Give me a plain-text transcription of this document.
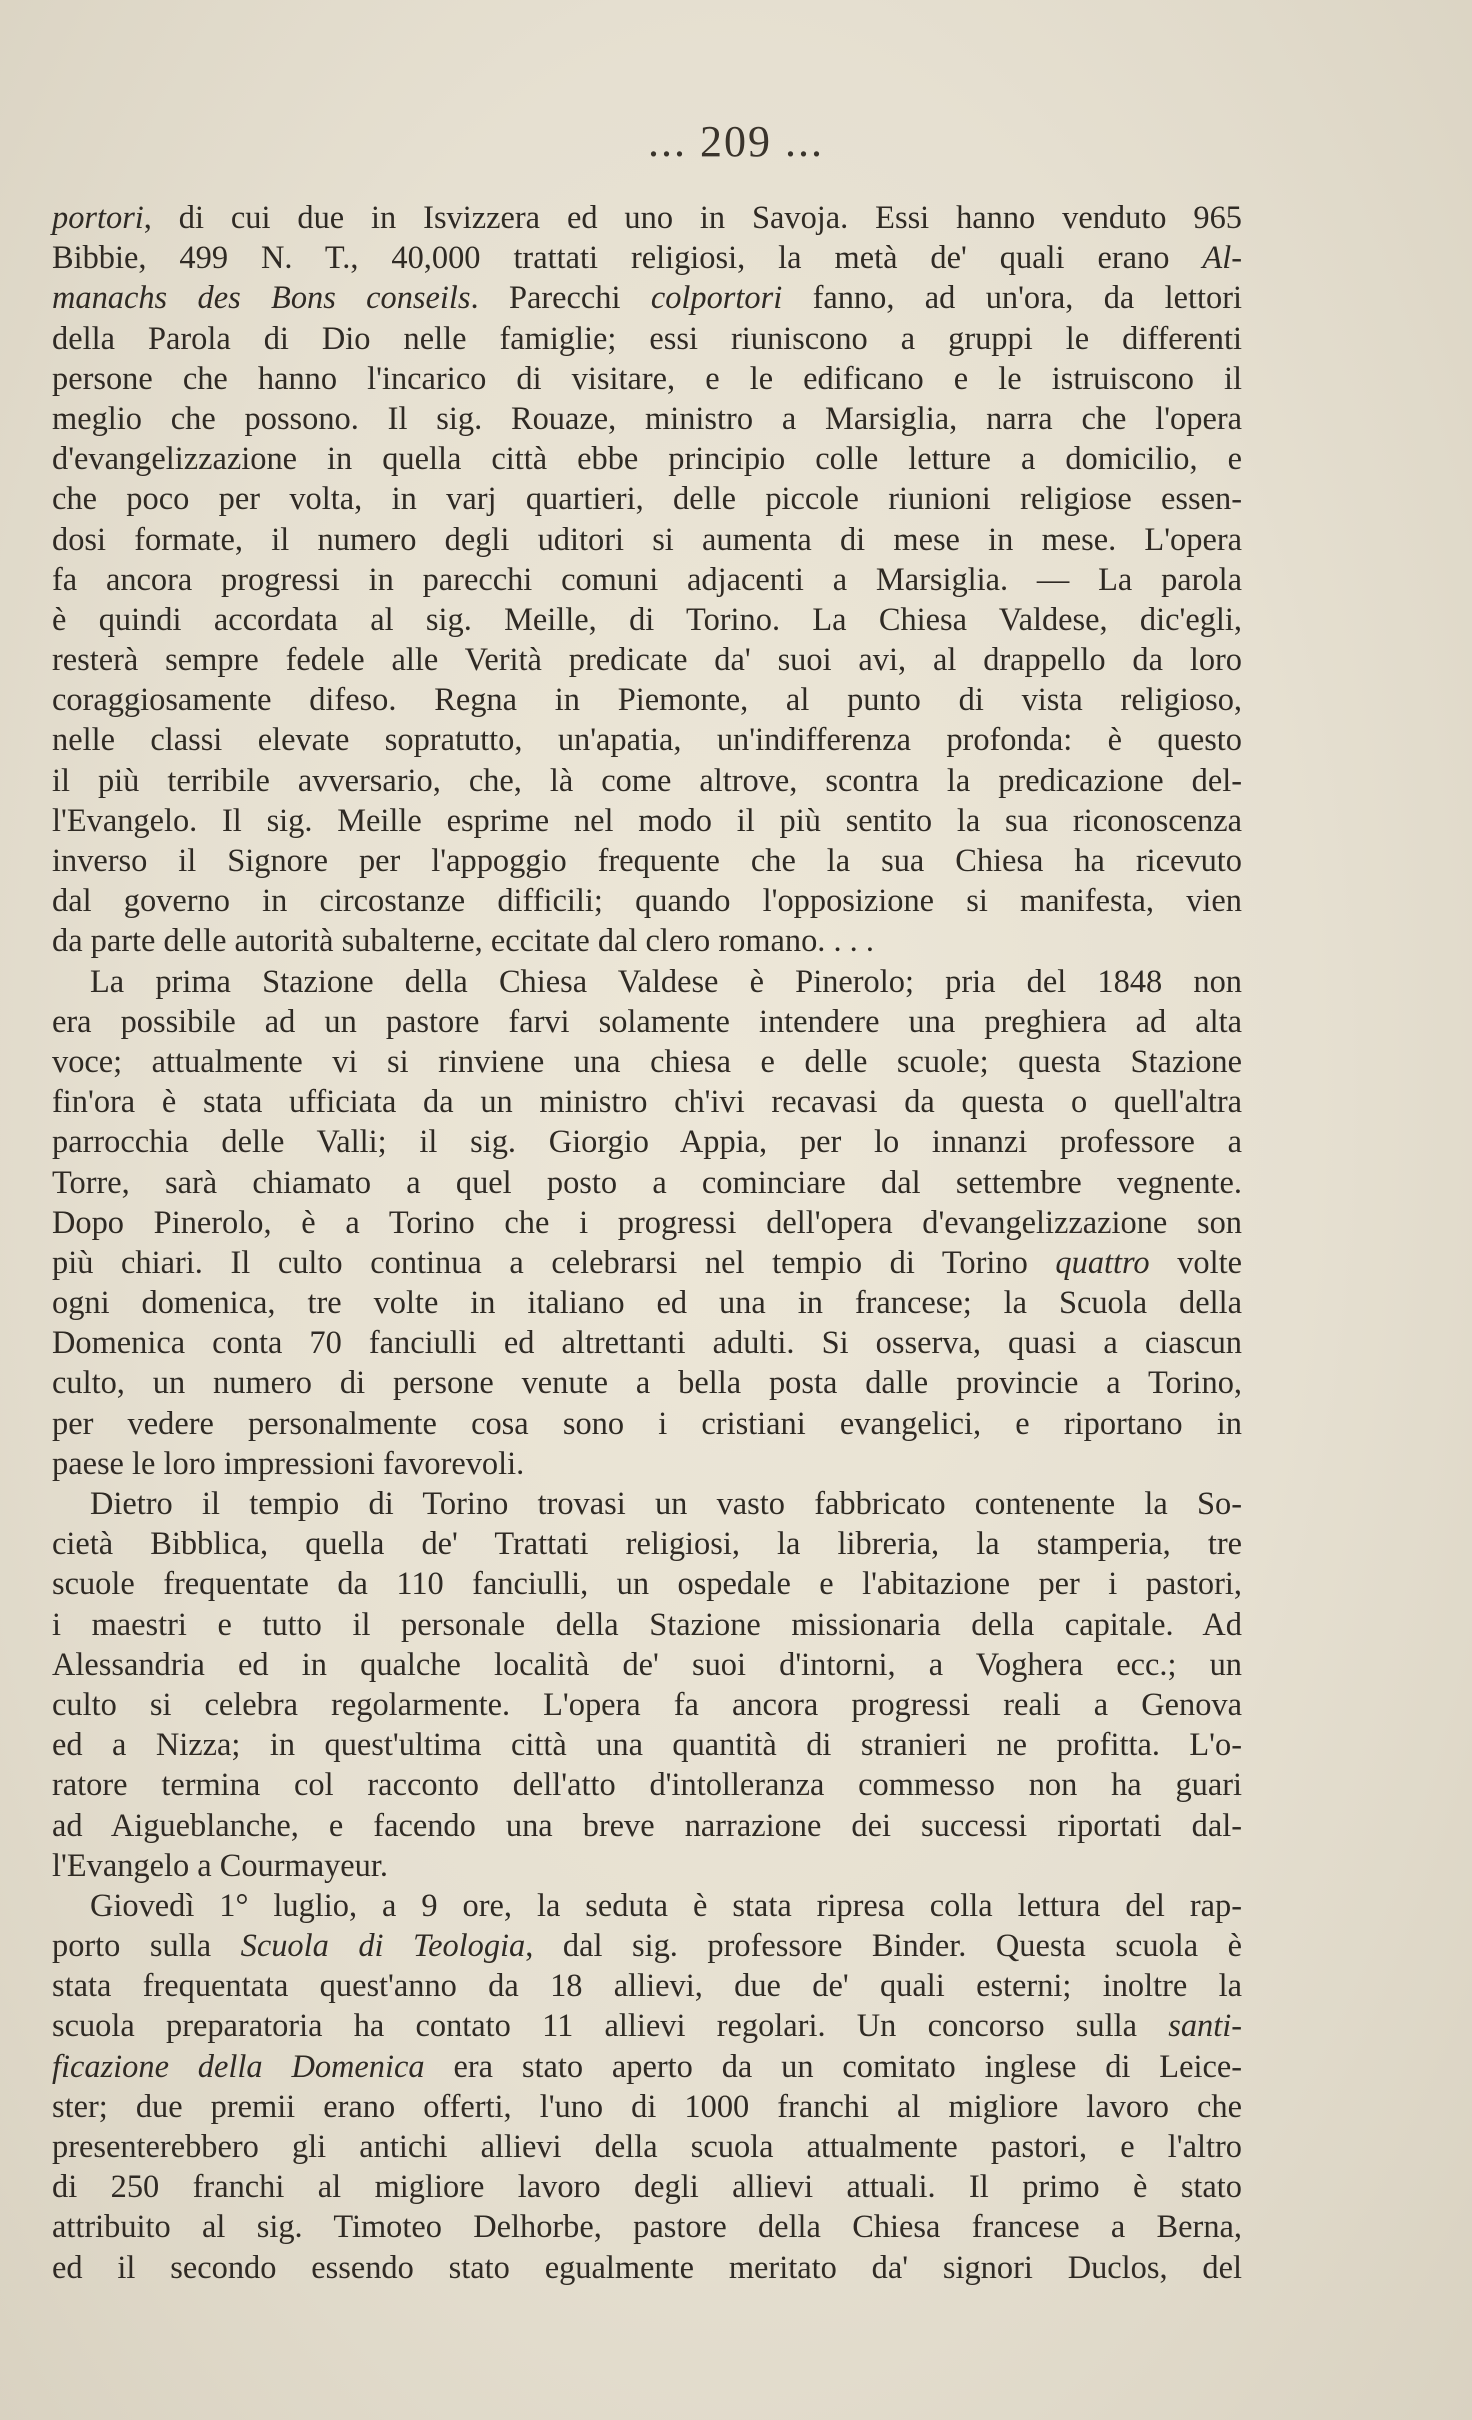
... 209 ...
portori, di cui due in Isvizzera ed uno in Savoja. Essi hanno venduto 965
Bibbie, 499 N. T., 40,000 trattati religiosi, la metà de' quali erano Al-
manachs des Bons conseils. Parecchi colportori fanno, ad un'ora, da lettori
della Parola di Dio nelle famiglie; essi riuniscono a gruppi le differenti
persone che hanno l'incarico di visitare, e le edificano e le istruiscono il
meglio che possono. Il sig. Rouaze, ministro a Marsiglia, narra che l'opera
d'evangelizzazione in quella città ebbe principio colle letture a domicilio, e
che poco per volta, in varj quartieri, delle piccole riunioni religiose essen-
dosi formate, il numero degli uditori si aumenta di mese in mese. L'opera
fa ancora progressi in parecchi comuni adjacenti a Marsiglia. — La parola
è quindi accordata al sig. Meille, di Torino. La Chiesa Valdese, dic'egli,
resterà sempre fedele alle Verità predicate da' suoi avi, al drappello da loro
coraggiosamente difeso. Regna in Piemonte, al punto di vista religioso,
nelle classi elevate sopratutto, un'apatia, un'indifferenza profonda: è questo
il più terribile avversario, che, là come altrove, scontra la predicazione del-
l'Evangelo. Il sig. Meille esprime nel modo il più sentito la sua riconoscenza
inverso il Signore per l'appoggio frequente che la sua Chiesa ha ricevuto
dal governo in circostanze difficili; quando l'opposizione si manifesta, vien
da parte delle autorità subalterne, eccitate dal clero romano. . . .
La prima Stazione della Chiesa Valdese è Pinerolo; pria del 1848 non
era possibile ad un pastore farvi solamente intendere una preghiera ad alta
voce; attualmente vi si rinviene una chiesa e delle scuole; questa Stazione
fin'ora è stata ufficiata da un ministro ch'ivi recavasi da questa o quell'altra
parrocchia delle Valli; il sig. Giorgio Appia, per lo innanzi professore a
Torre, sarà chiamato a quel posto a cominciare dal settembre vegnente.
Dopo Pinerolo, è a Torino che i progressi dell'opera d'evangelizzazione son
più chiari. Il culto continua a celebrarsi nel tempio di Torino quattro volte
ogni domenica, tre volte in italiano ed una in francese; la Scuola della
Domenica conta 70 fanciulli ed altrettanti adulti. Si osserva, quasi a ciascun
culto, un numero di persone venute a bella posta dalle provincie a Torino,
per vedere personalmente cosa sono i cristiani evangelici, e riportano in
paese le loro impressioni favorevoli.
Dietro il tempio di Torino trovasi un vasto fabbricato contenente la So-
cietà Bibblica, quella de' Trattati religiosi, la libreria, la stamperia, tre
scuole frequentate da 110 fanciulli, un ospedale e l'abitazione per i pastori,
i maestri e tutto il personale della Stazione missionaria della capitale. Ad
Alessandria ed in qualche località de' suoi d'intorni, a Voghera ecc.; un
culto si celebra regolarmente. L'opera fa ancora progressi reali a Genova
ed a Nizza; in quest'ultima città una quantità di stranieri ne profitta. L'o-
ratore termina col racconto dell'atto d'intolleranza commesso non ha guari
ad Aigueblanche, e facendo una breve narrazione dei successi riportati dal-
l'Evangelo a Courmayeur.
Giovedì 1° luglio, a 9 ore, la seduta è stata ripresa colla lettura del rap-
porto sulla Scuola di Teologia, dal sig. professore Binder. Questa scuola è
stata frequentata quest'anno da 18 allievi, due de' quali esterni; inoltre la
scuola preparatoria ha contato 11 allievi regolari. Un concorso sulla santi-
ficazione della Domenica era stato aperto da un comitato inglese di Leice-
ster; due premii erano offerti, l'uno di 1000 franchi al migliore lavoro che
presenterebbero gli antichi allievi della scuola attualmente pastori, e l'altro
di 250 franchi al migliore lavoro degli allievi attuali. Il primo è stato
attribuito al sig. Timoteo Delhorbe, pastore della Chiesa francese a Berna,
ed il secondo essendo stato egualmente meritato da' signori Duclos, del
